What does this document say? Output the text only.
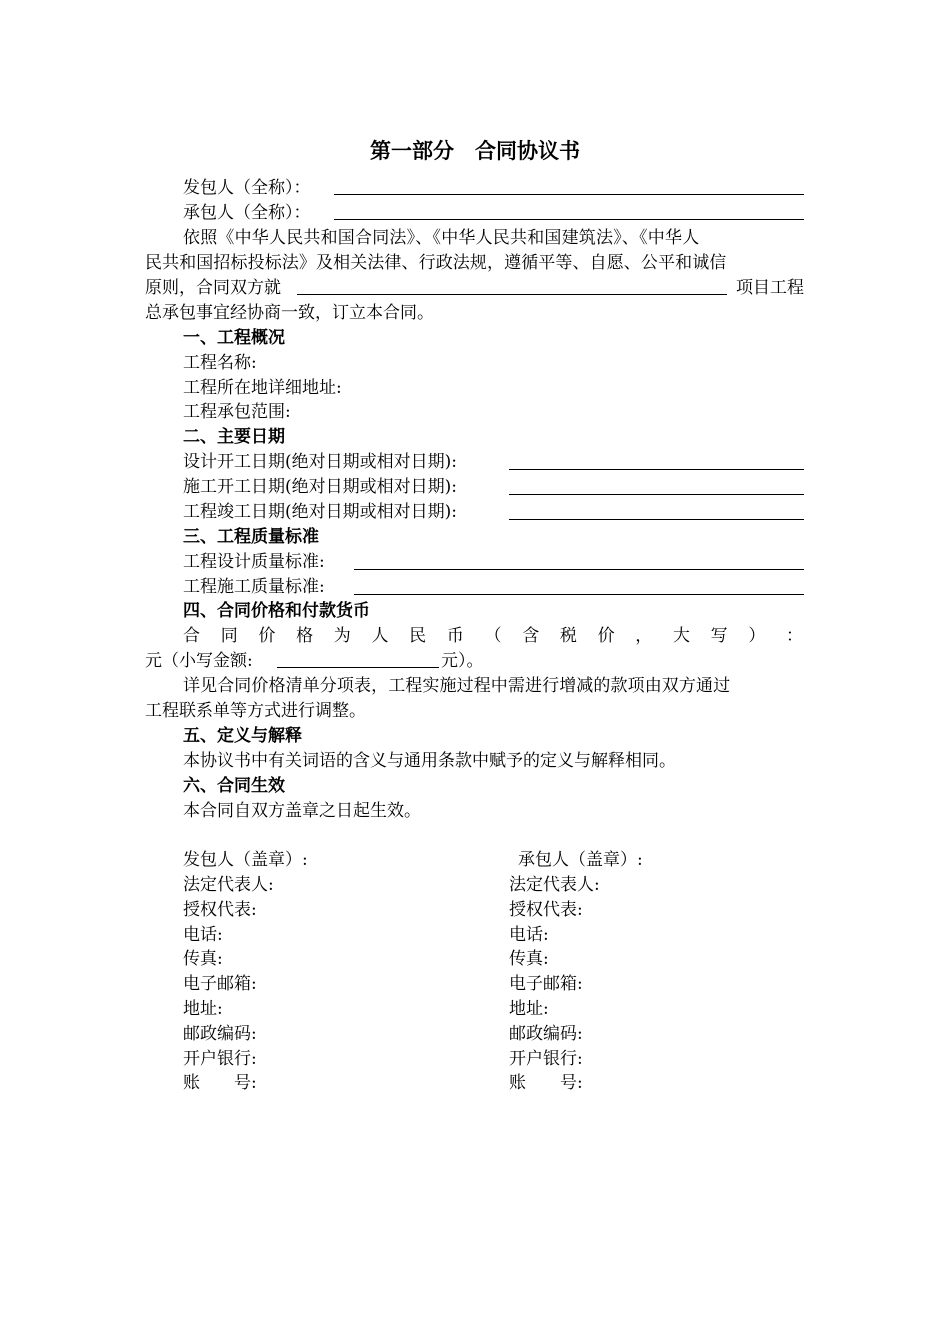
第一部分　合同协议书
发包人（全称）：
承包人（全称）：
依照《中华人民共和国合同法》、《中华人民共和国建筑法》、《中华人
民共和国招标投标法》及相关法律、行政法规，遵循平等、自愿、公平和诚信
原则，合同双方就	项目工程
总承包事宜经协商一致，订立本合同。
一、工程概况
工程名称:
工程所在地详细地址:
工程承包范围:
二、主要日期
设计开工日期(绝对日期或相对日期):
施工开工日期(绝对日期或相对日期):
工程竣工日期(绝对日期或相对日期):
三、工程质量标准
工程设计质量标准:
工程施工质量标准:
四、合同价格和付款货币
合 同 价 格 为 人 民 币 （ 含 税 价 ， 大 写 ） ：
元（小写金额:	元）。
详见合同价格清单分项表，工程实施过程中需进行增减的款项由双方通过
工程联系单等方式进行调整。
五、定义与解释
本协议书中有关词语的含义与通用条款中赋予的定义与解释相同。
六、合同生效
本合同自双方盖章之日起生效。
发包人（盖章）:	承包人（盖章）:
法定代表人:	法定代表人:
授权代表:	授权代表:
电话:	电话:
传真:	传真:
电子邮箱:	电子邮箱:
地址:	地址:
邮政编码:	邮政编码:
开户银行:	开户银行:
账　　号:	账　　号:
